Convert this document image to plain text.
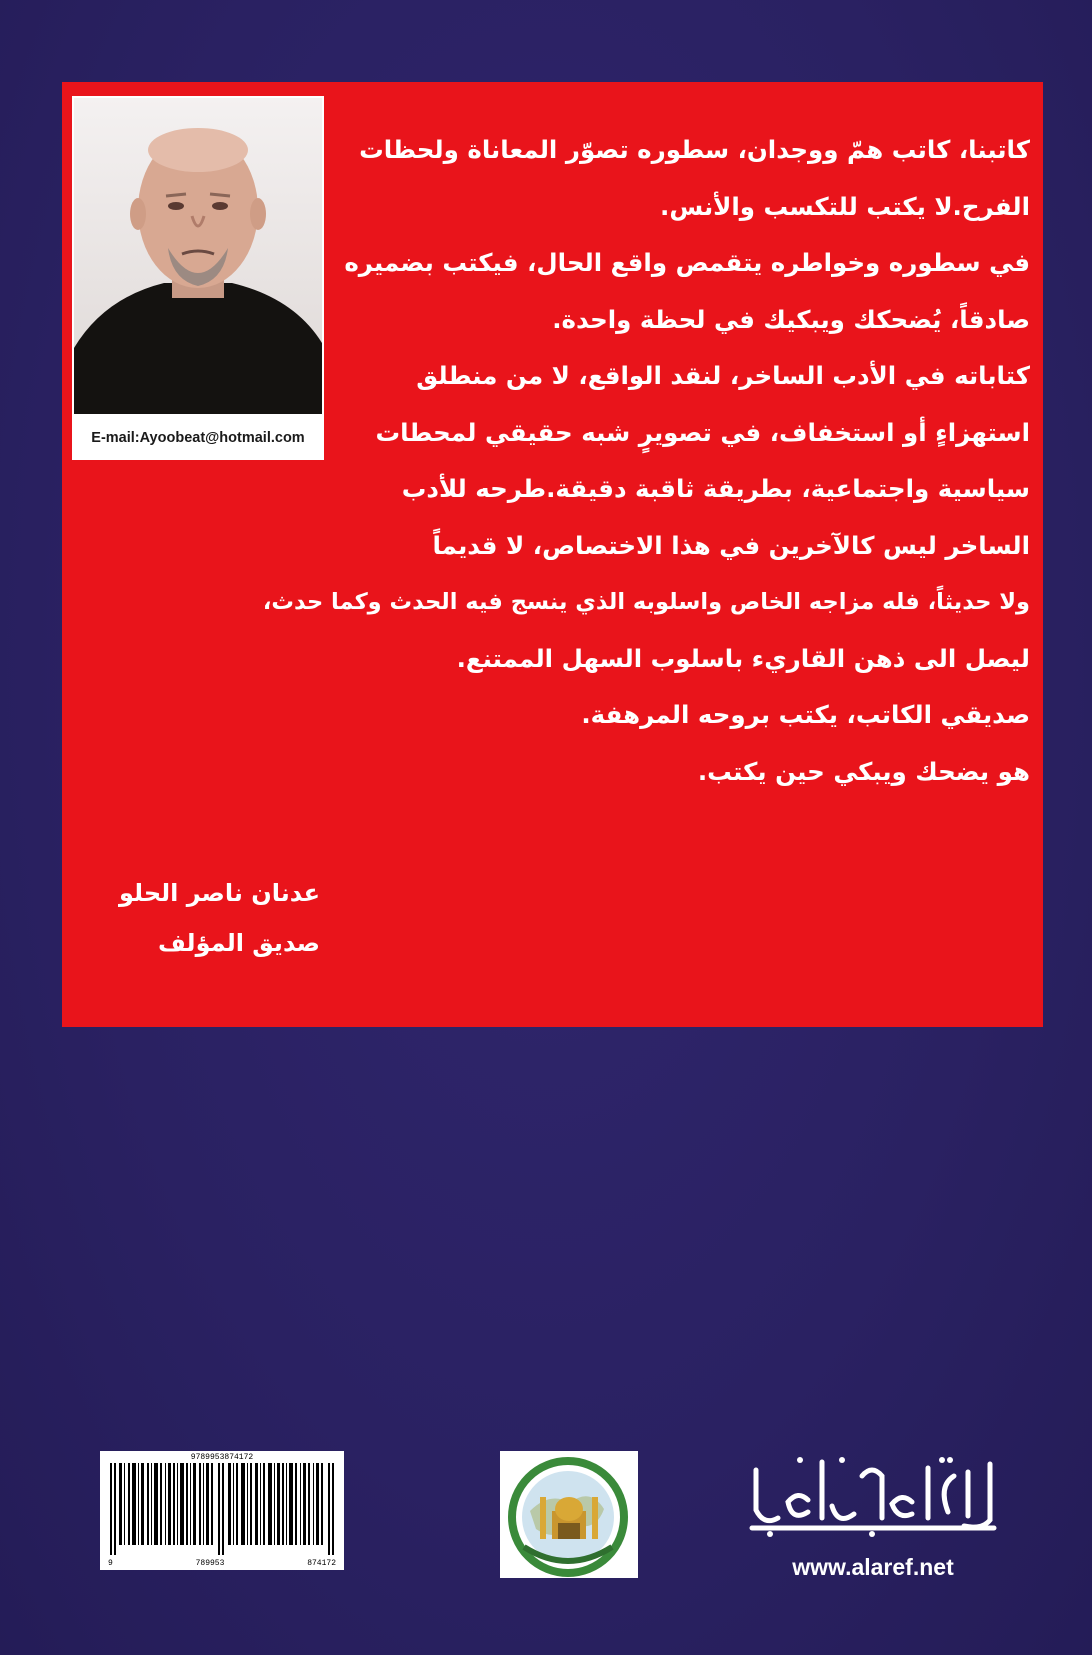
E-mail:Ayoobeat@hotmail.com
كاتبنا، كاتب همّ ووجدان، سطوره تصوّر المعاناة ولحظات
الفرح.لا يكتب للتكسب والأنس.
في سطوره وخواطره يتقمص واقع الحال، فيكتب بضميره
صادقاً، يُضحكك ويبكيك في لحظة واحدة.
كتاباته في الأدب الساخر، لنقد الواقع، لا من منطلق
استهزاءٍ أو استخفاف، في تصويرٍ شبه حقيقي لمحطات
سياسية واجتماعية، بطريقة ثاقبة دقيقة.طرحه للأدب
الساخر ليس كالآخرين في هذا الاختصاص، لا قديماً
ولا حديثاً، فله مزاجه الخاص واسلوبه الذي ينسج فيه الحدث وكما حدث،
ليصل الى ذهن القاريء باسلوب السهل الممتنع.
صديقي الكاتب، يكتب بروحه المرهفة.
هو يضحك ويبكي حين يكتب.
عدنان ناصر الحلو
صديق المؤلف
9789953874172
9	789953	874172	www.alaref.net
